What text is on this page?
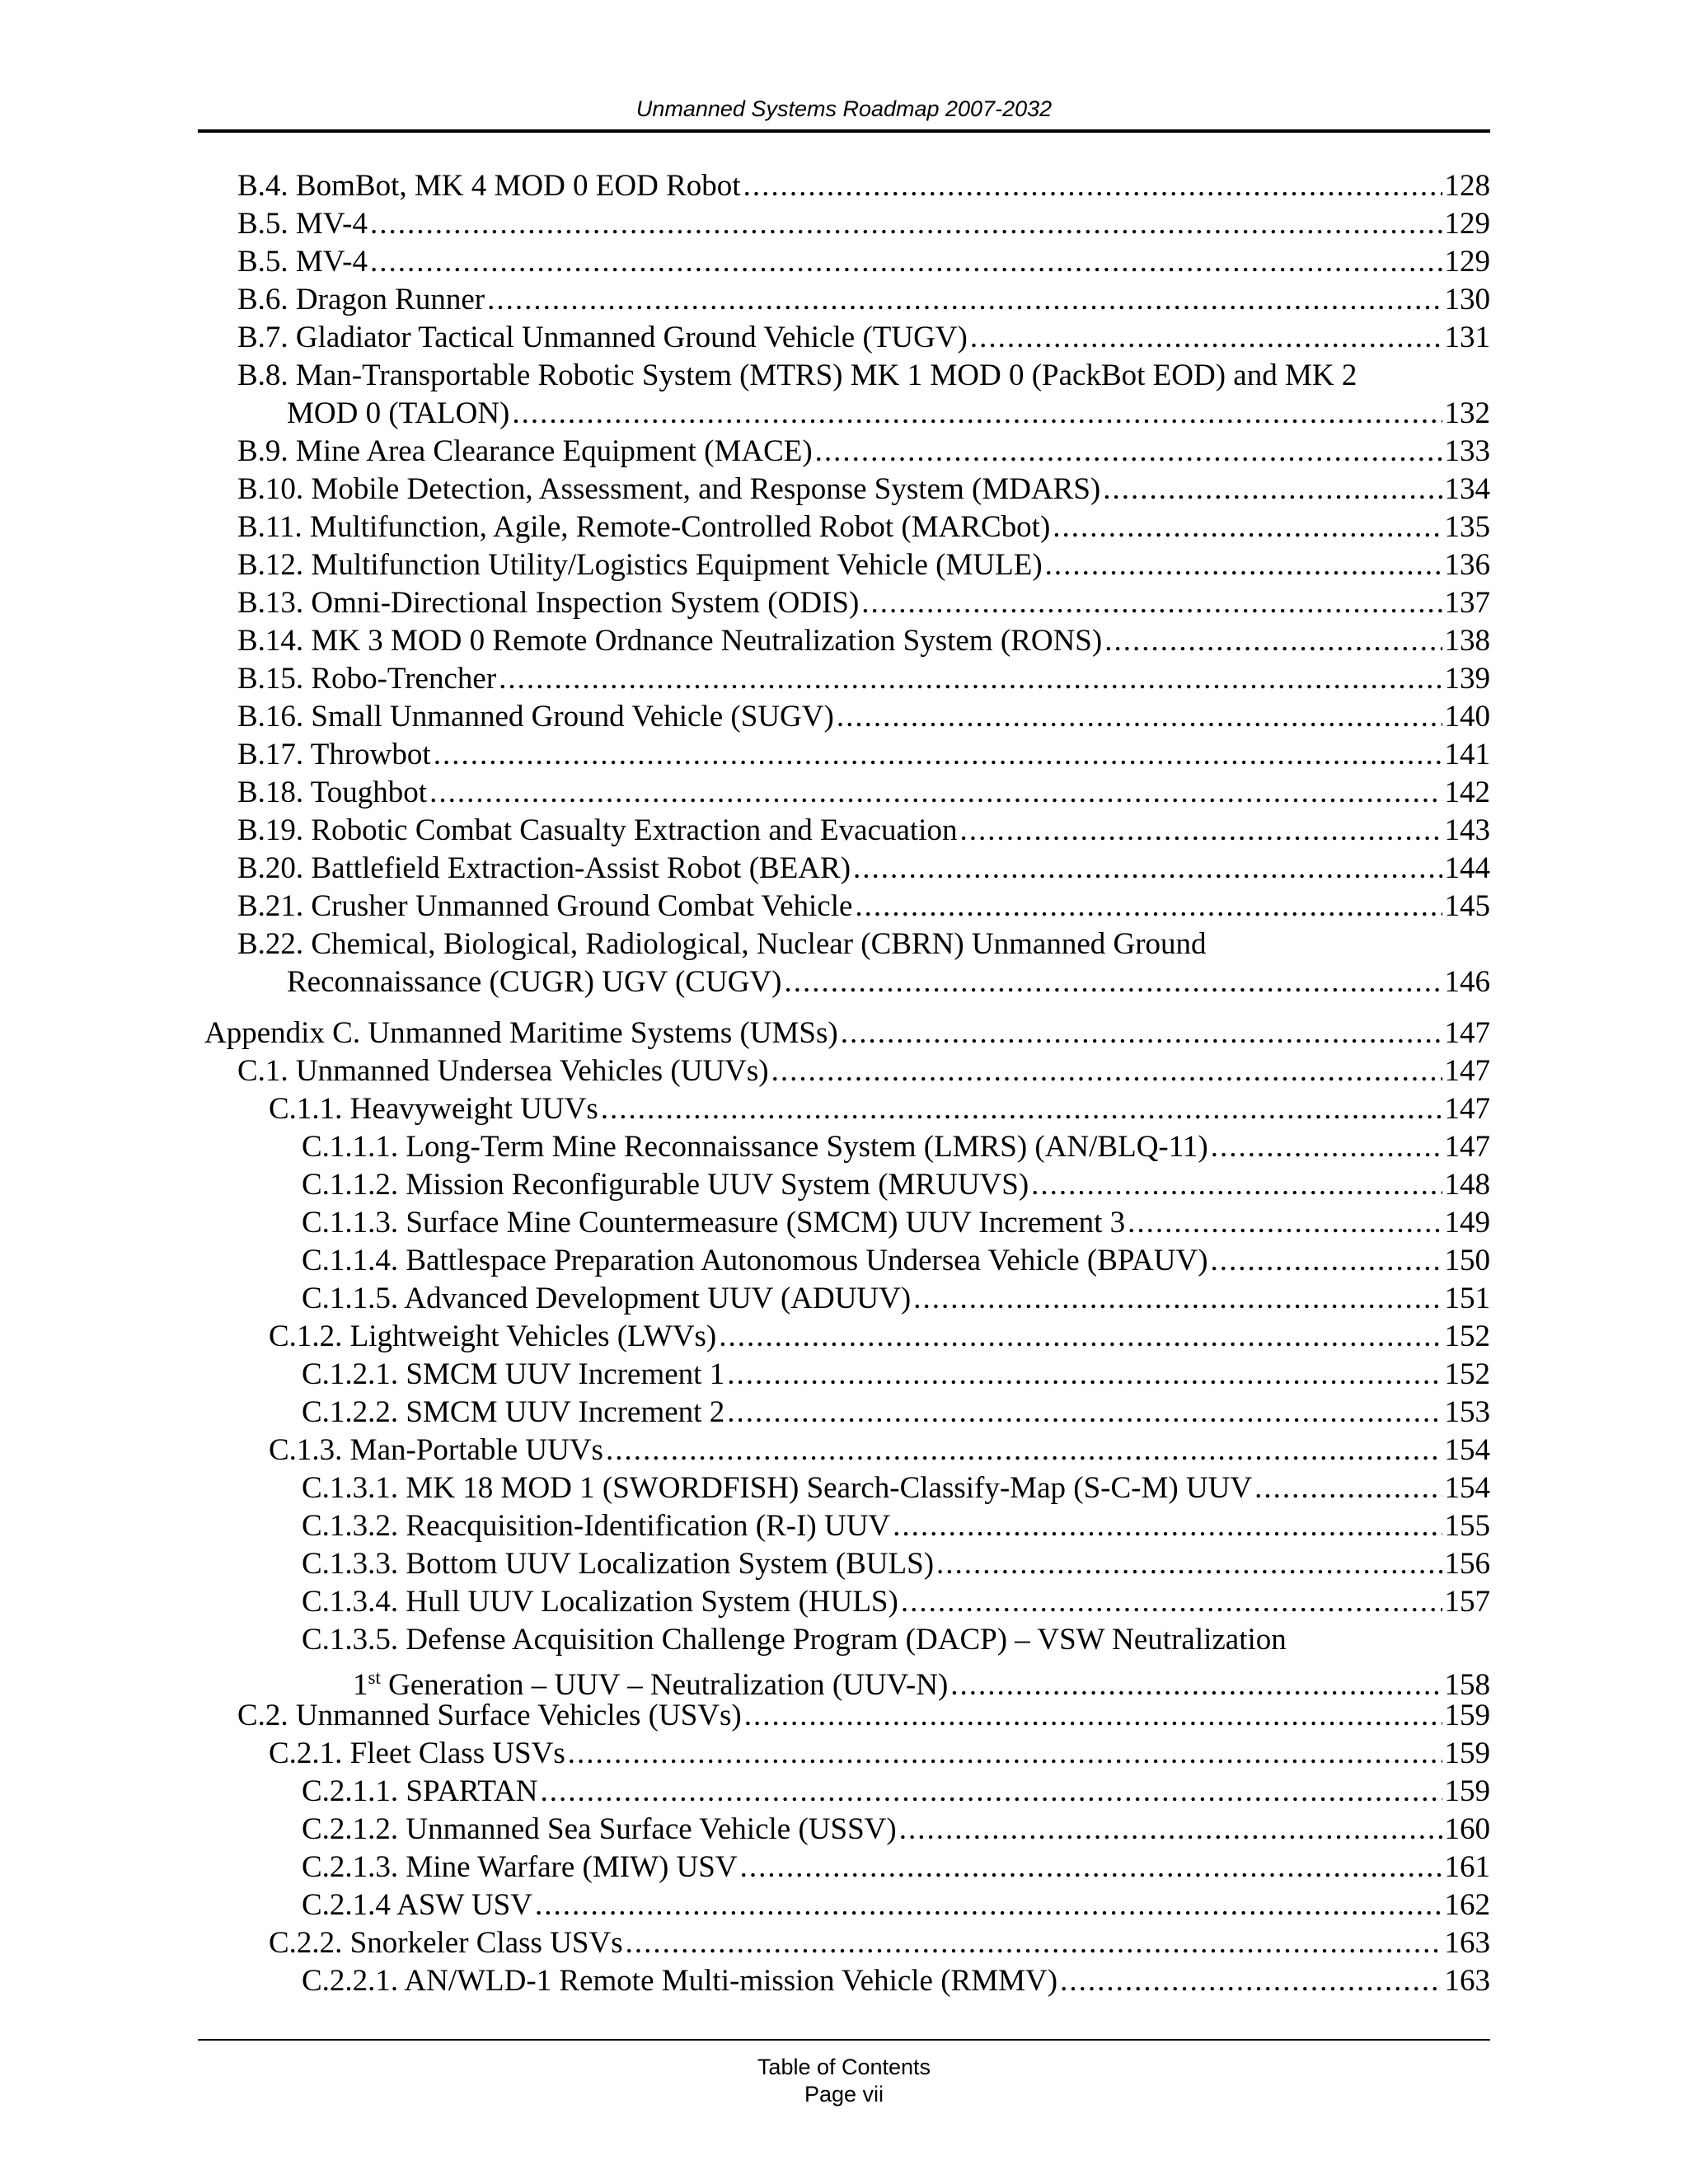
Unmanned Systems Roadmap 2007-2032
B.4. BomBot, MK 4 MOD 0 EOD Robot .....	128
B.5. MV-4 .....	129
B.5. MV-4 .....	129
B.6. Dragon Runner .....	130
B.7. Gladiator Tactical Unmanned Ground Vehicle (TUGV) .....	131
B.8. Man-Transportable Robotic System (MTRS) MK 1 MOD 0 (PackBot EOD) and MK 2
MOD 0 (TALON) .....	132
B.9. Mine Area Clearance Equipment (MACE) .....	133
B.10. Mobile Detection, Assessment, and Response System (MDARS) .....	134
B.11. Multifunction, Agile, Remote-Controlled Robot (MARCbot) .....	135
B.12. Multifunction Utility/Logistics Equipment Vehicle (MULE) .....	136
B.13. Omni-Directional Inspection System (ODIS) .....	137
B.14. MK 3 MOD 0 Remote Ordnance Neutralization System (RONS) .....	138
B.15. Robo-Trencher .....	139
B.16. Small Unmanned Ground Vehicle (SUGV) .....	140
B.17. Throwbot .....	141
B.18. Toughbot .....	142
B.19. Robotic Combat Casualty Extraction and Evacuation .....	143
B.20. Battlefield Extraction-Assist Robot (BEAR) .....	144
B.21. Crusher Unmanned Ground Combat Vehicle .....	145
B.22. Chemical, Biological, Radiological, Nuclear (CBRN) Unmanned Ground
Reconnaissance (CUGR) UGV (CUGV) .....	146
Appendix C. Unmanned Maritime Systems (UMSs) .....	147
C.1. Unmanned Undersea Vehicles (UUVs) .....	147
C.1.1. Heavyweight UUVs .....	147
C.1.1.1. Long-Term Mine Reconnaissance System (LMRS) (AN/BLQ-11) .....	147
C.1.1.2. Mission Reconfigurable UUV System (MRUUVS) .....	148
C.1.1.3. Surface Mine Countermeasure (SMCM) UUV Increment 3 .....	149
C.1.1.4. Battlespace Preparation Autonomous Undersea Vehicle (BPAUV) .....	150
C.1.1.5. Advanced Development UUV (ADUUV) .....	151
C.1.2. Lightweight Vehicles (LWVs) .....	152
C.1.2.1. SMCM UUV Increment 1 .....	152
C.1.2.2. SMCM UUV Increment 2 .....	153
C.1.3. Man-Portable UUVs .....	154
C.1.3.1. MK 18 MOD 1 (SWORDFISH) Search-Classify-Map (S-C-M) UUV .....	154
C.1.3.2. Reacquisition-Identification (R-I) UUV .....	155
C.1.3.3. Bottom UUV Localization System (BULS) .....	156
C.1.3.4. Hull UUV Localization System (HULS) .....	157
C.1.3.5. Defense Acquisition Challenge Program (DACP) – VSW Neutralization
1st Generation – UUV – Neutralization (UUV-N) .....	158
C.2. Unmanned Surface Vehicles (USVs) .....	159
C.2.1. Fleet Class USVs .....	159
C.2.1.1. SPARTAN .....	159
C.2.1.2. Unmanned Sea Surface Vehicle (USSV) .....	160
C.2.1.3. Mine Warfare (MIW) USV .....	161
C.2.1.4 ASW USV .....	162
C.2.2. Snorkeler Class USVs .....	163
C.2.2.1. AN/WLD-1 Remote Multi-mission Vehicle (RMMV) .....	163
Table of Contents
Page vii
